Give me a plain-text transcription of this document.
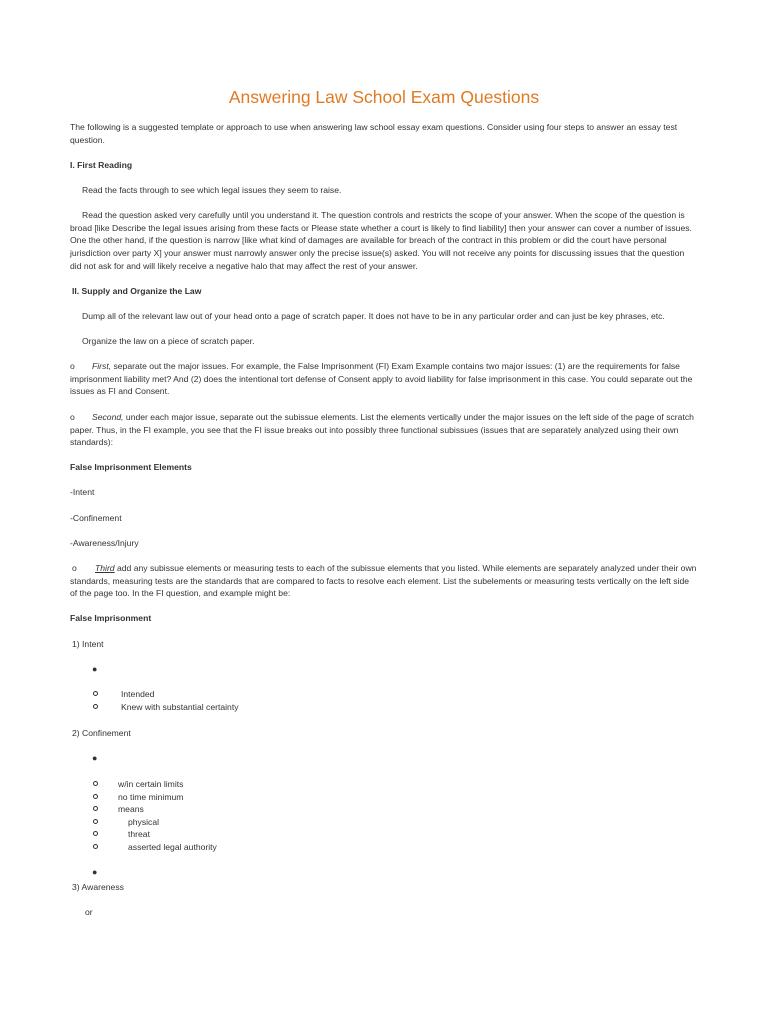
Answering Law School Exam Questions

The following is a suggested template or approach to use when answering law school essay exam questions. Consider using four steps to answer an essay test question.

I. First Reading

Read the facts through to see which legal issues they seem to raise.

Read the question asked very carefully until you understand it. The question controls and restricts the scope of your answer. When the scope of the question is broad [like Describe the legal issues arising from these facts or Please state whether a court is likely to find liability] then your answer can cover a number of issues. One the other hand, if the question is narrow [like what kind of damages are available for breach of the contract in this problem or did the court have personal jurisdiction over party X] your answer must narrowly answer only the precise issue(s) asked. You will not receive any points for discussing issues that the question did not ask for and will likely receive a negative halo that may affect the rest of your answer.

II. Supply and Organize the Law

Dump all of the relevant law out of your head onto a page of scratch paper. It does not have to be in any particular order and can just be key phrases, etc.

Organize the law on a piece of scratch paper.

o	First, separate out the major issues. For example, the False Imprisonment (FI) Exam Example contains two major issues: (1) are the requirements for false imprisonment liability met? And (2) does the intentional tort defense of Consent apply to avoid liability for false imprisonment in this case. You could separate out the issues as FI and Consent.

o	Second, under each major issue, separate out the subissue elements. List the elements vertically under the major issues on the left side of the page of scratch paper. Thus, in the FI example, you see that the FI issue breaks out into possibly three functional subissues (issues that are separately analyzed using their own standards):

False Imprisonment Elements

-Intent

-Confinement

-Awareness/Injury

o	Third add any subissue elements or measuring tests to each of the subissue elements that you listed. While elements are separately analyzed under their own standards, measuring tests are the standards that are compared to facts to resolve each element. List the subelements or measuring tests vertically on the left side of the page too. In the FI question, and example might be:

False Imprisonment

1) Intent

●

Intended

Knew with substantial certainty

2) Confinement

●

w/in certain limits

no time minimum

means

physical

threat

asserted legal authority

●

3) Awareness

or
